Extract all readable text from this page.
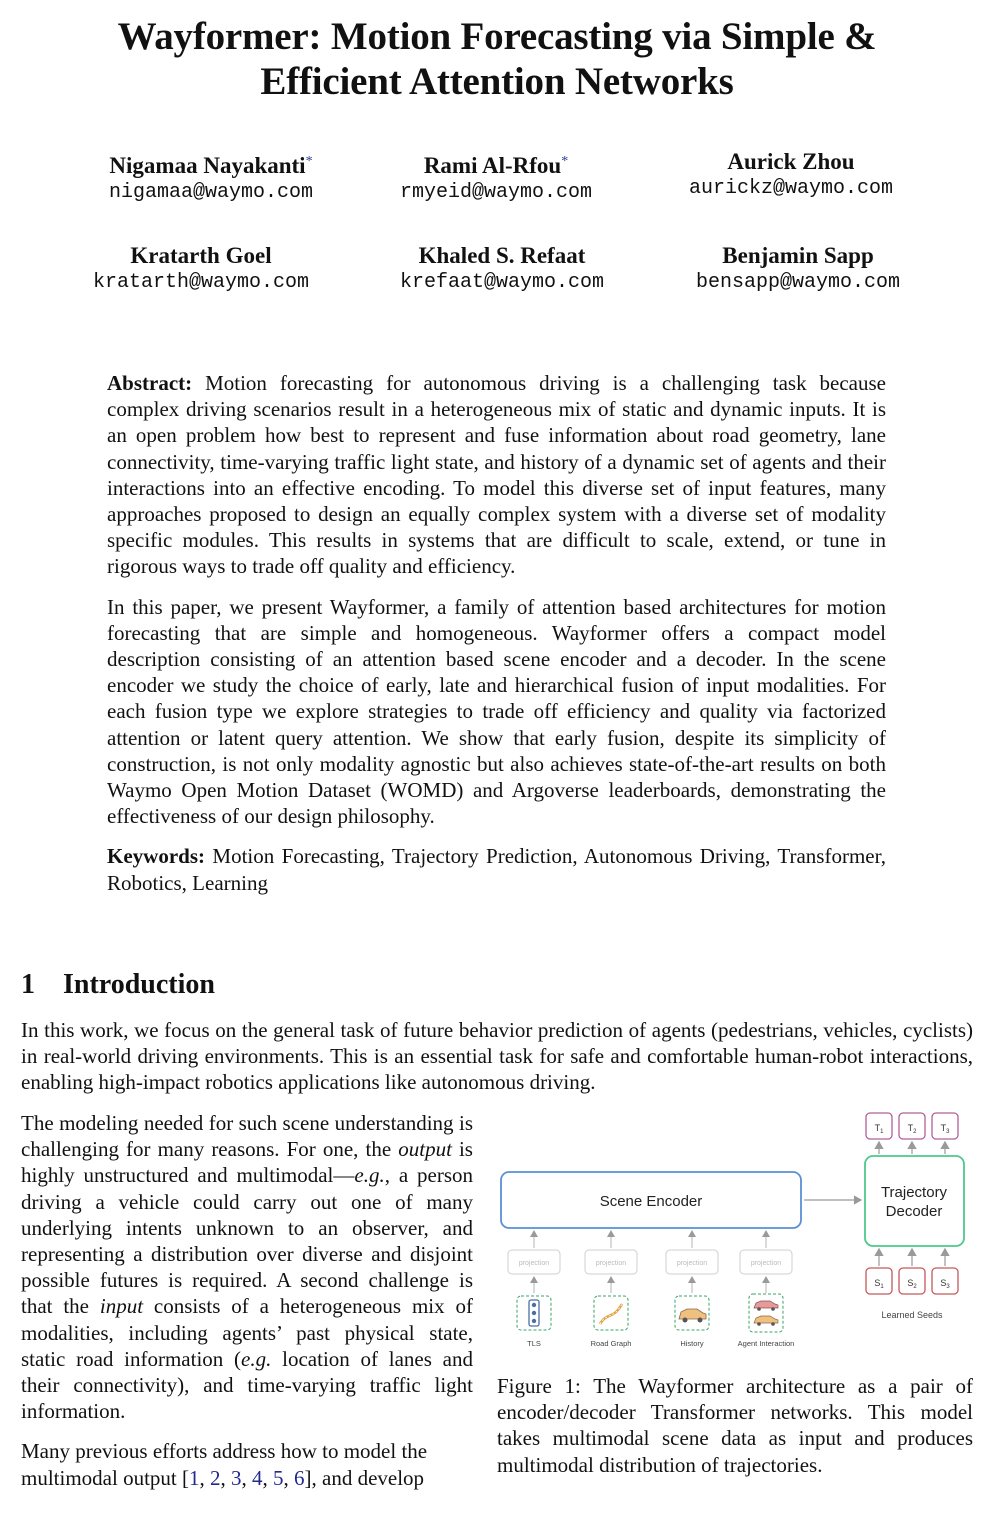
Wayformer: Motion Forecasting via Simple &
Efficient Attention Networks
Nigamaa Nayakanti*
nigamaa@waymo.com
Rami Al-Rfou*
rmyeid@waymo.com
Aurick Zhou
aurickz@waymo.com
Kratarth Goel
kratarth@waymo.com
Khaled S. Refaat
krefaat@waymo.com
Benjamin Sapp
bensapp@waymo.com

Abstract: Motion forecasting for autonomous driving is a challenging task because complex driving scenarios result in a heterogeneous mix of static and dynamic inputs. It is an open problem how best to represent and fuse information about road geometry, lane connectivity, time-varying traffic light state, and history of a dynamic set of agents and their interactions into an effective encoding. To model this diverse set of input features, many approaches proposed to design an equally complex system with a diverse set of modality specific modules. This results in systems that are difficult to scale, extend, or tune in rigorous ways to trade off quality and efficiency.

In this paper, we present Wayformer, a family of attention based architectures for motion forecasting that are simple and homogeneous. Wayformer offers a compact model description consisting of an attention based scene encoder and a decoder. In the scene encoder we study the choice of early, late and hierarchical fusion of input modalities. For each fusion type we explore strategies to trade off efficiency and quality via factorized attention or latent query attention. We show that early fusion, despite its simplicity of construction, is not only modality agnostic but also achieves state-of-the-art results on both Waymo Open Motion Dataset (WOMD) and Argoverse leaderboards, demonstrating the effectiveness of our design philosophy.

Keywords: Motion Forecasting, Trajectory Prediction, Autonomous Driving, Transformer, Robotics, Learning

1 Introduction
In this work, we focus on the general task of future behavior prediction of agents (pedestrians, vehicles, cyclists) in real-world driving environments. This is an essential task for safe and comfortable human-robot interactions, enabling high-impact robotics applications like autonomous driving.

The modeling needed for such scene understanding is challenging for many reasons. For one, the output is highly unstructured and multimodal—e.g., a person driving a vehicle could carry out one of many underlying intents unknown to an observer, and representing a distribution over diverse and disjoint possible futures is required. A second challenge is that the input consists of a heterogeneous mix of modalities, including agents’ past physical state, static road information (e.g. location of lanes and their connectivity), and time-varying traffic light information.

Many previous efforts address how to model the multimodal output [1, 2, 3, 4, 5, 6], and develop

$T_1$	$T_2$	$T_3$
Scene Encoder
Trajectory
Decoder
$S_1$	$S_2$	$S_3$
Learned Seeds
projection	projection	projection	projection
TLS	Road Graph	History	Agent Interaction
Figure 1: The Wayformer architecture as a pair of encoder/decoder Transformer networks. This model takes multimodal scene data as input and produces multimodal distribution of trajectories.
